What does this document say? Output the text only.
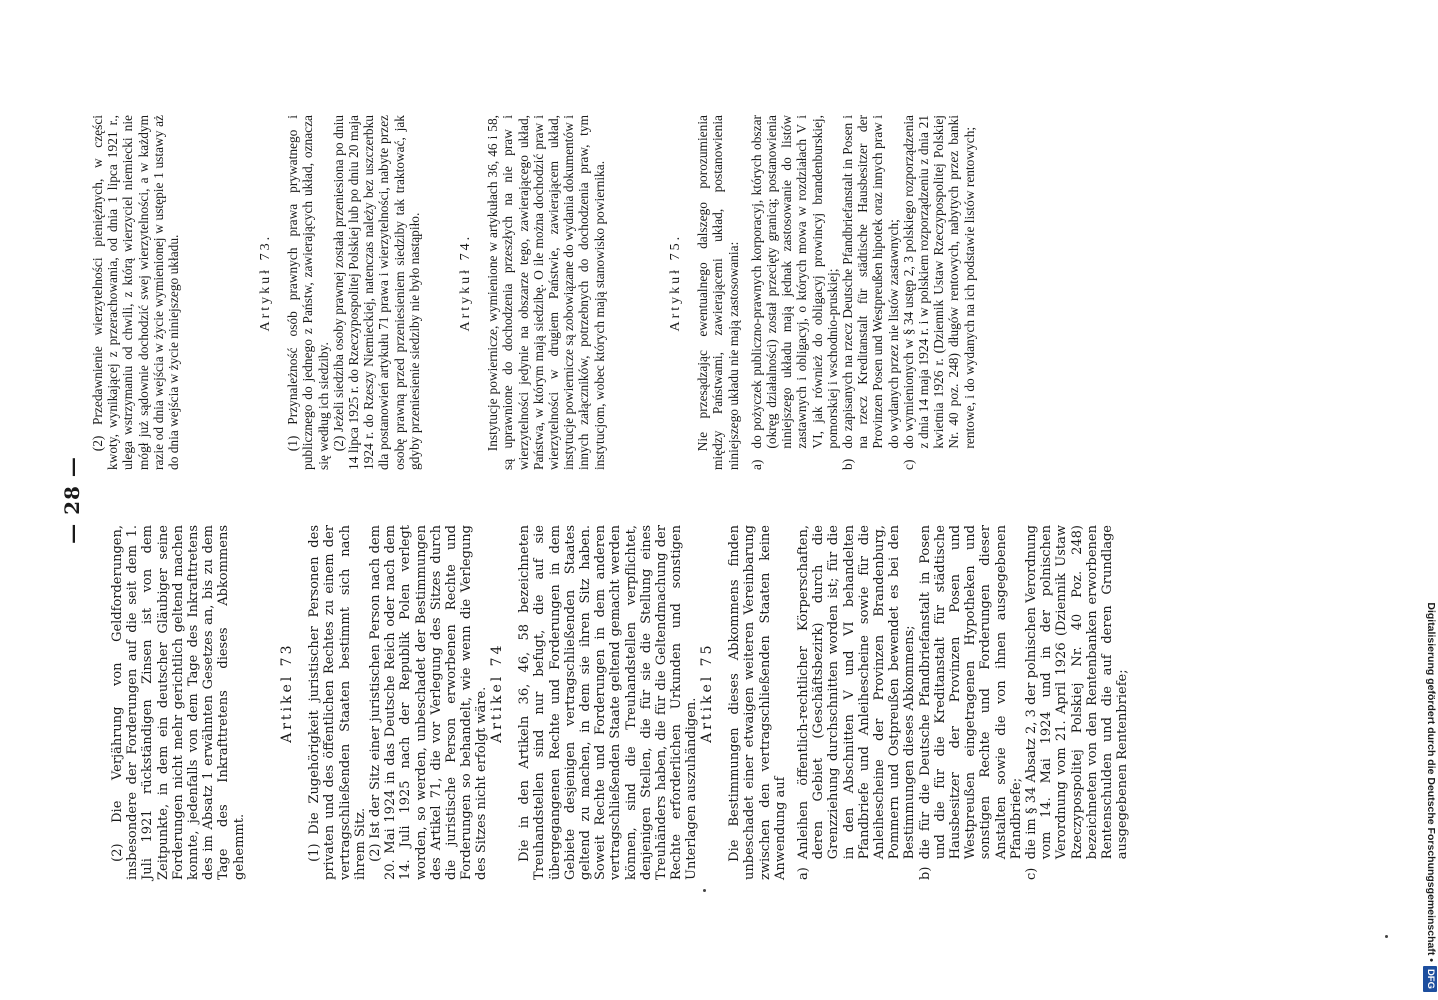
— 28 —

(2) Die Verjährung von Geldforderungen, insbesondere der Forderungen auf die seit dem 1. Juli 1921 rückständigen Zinsen ist von dem Zeitpunkte, in dem ein deutscher Gläubiger seine Forderungen nicht mehr gerichtlich geltend machen konnte, jedenfalls von dem Tage des Inkrafttretens des im Absatz 1 erwähnten Gesetzes an, bis zu dem Tage des Inkrafttretens dieses Abkommens gehemmt.

(2) Przedawnienie wierzytelności pieniężnych, w części kwoty, wynikającej z przerachowania, od dnia 1 lipca 1921 r., ulega wstrzymaniu od chwili, z którą wierzyciel niemiecki nie mógł już sądownie dochodzić swej wierzytelności, a w każdym razie od dnia wejścia w życie wymienionej w ustępie 1 ustawy aż do dnia wejścia w życie niniejszego układu.

Artikel 73 (1) Die Zugehörigkeit juristischer Personen des privaten und des öffentlichen Rechtes zu einem der vertragschließenden Staaten bestimmt sich nach ihrem Sitz. (2) Ist der Sitz einer juristischen Person nach dem 20. Mai 1924 in das Deutsche Reich oder nach dem 14. Juli 1925 nach der Republik Polen verlegt worden, so werden, unbeschadet der Bestimmungen des Artikel 71, die vor Verlegung des Sitzes durch die juristische Person erworbenen Rechte und Forderungen so behandelt, wie wenn die Verlegung des Sitzes nicht erfolgt wäre.

Artykuł 73. (1) Przynależność osób prawnych prawa prywatnego i publicznego do jednego z Państw, zawierających układ, oznacza się według ich siedziby. (2) Jeżeli siedziba osoby prawnej została przeniesiona po dniu 14 lipca 1925 r. do Rzeczypospolitej Polskiej lub po dniu 20 maja 1924 r. do Rzeszy Niemieckiej, natenczas należy bez uszczerbku dla postanowień artykułu 71 prawa i wierzytelności, nabyte przez osobę prawną przed przeniesieniem siedziby tak traktować, jak gdyby przeniesienie siedziby nie było nastąpiło.

Artikel 74 Die in den Artikeln 36, 46, 58 bezeichneten Treuhandstellen sind nur befugt, die auf sie übergegangenen Rechte und Forderungen in dem Gebiete desjenigen vertragschließenden Staates geltend zu machen, in dem sie ihren Sitz haben. Soweit Rechte und Forderungen in dem anderen vertragschließenden Staate geltend gemacht werden können, sind die Treuhandstellen verpflichtet, denjenigen Stellen, die für sie die Stellung eines Treuhänders haben, die für die Geltendmachung der Rechte erforderlichen Urkunden und sonstigen Unterlagen auszuhändigen.

Artykuł 74. Instytucje powiernicze, wymienione w artykułach 36, 46 i 58, są uprawnione do dochodzenia przeszłych na nie praw i wierzytelności jedynie na obszarze tego, zawierającego układ, Państwa, w którym mają siedzibę. O ile można dochodzić praw i wierzytelności w drugiem Państwie, zawierającem układ, instytucje powiernicze są zobowiązane do wydania dokumentów i innych załączników, potrzebnych do dochodzenia praw, tym instytucjom, wobec których mają stanowisko powiernika.

Artikel 75 Die Bestimmungen dieses Abkommens finden unbeschadet einer etwaigen weiteren Vereinbarung zwischen den vertragschließenden Staaten keine Anwendung auf a)
Anleihen öffentlich-rechtlicher Körperschaften, deren Gebiet (Geschäftsbezirk) durch die Grenzziehung durchschnitten worden ist; für die in den Abschnitten V und VI behandelten Pfandbriefe und Anleihescheine sowie für die Anleihescheine der Provinzen Brandenburg, Pommern und Ostpreußen bewendet es bei den Bestimmungen dieses Abkommens;

b)
die für die Deutsche Pfandbriefanstalt in Posen und die für die Kreditanstalt für städtische Hausbesitzer der Provinzen Posen und Westpreußen eingetragenen Hypotheken und sonstigen Rechte und Forderungen dieser Anstalten sowie die von ihnen ausgegebenen Pfandbriefe;

c)
die im § 34 Absatz 2, 3 der polnischen Verordnung vom 14. Mai 1924 und in der polnischen Verordnung vom 21. April 1926 (Dziennik Ustaw Rzeczypospolitej Polskiej Nr. 40 Poz. 248) bezeichneten von den Rentenbanken erworbenen Rentenschulden und die auf deren Grundlage ausgegebenen Rentenbriefe;

Artykuł 75. Nie przesądzając ewentualnego dalszego porozumienia między Państwami, zawierającemi układ, postanowienia niniejszego układu nie mają zastosowania: a)
do pożyczek publiczno-prawnych korporacyj, których obszar (okręg działalności) został przecięty granicą; postanowienia niniejszego układu mają jednak zastosowanie do listów zastawnych i obligacyj, o których mowa w rozdziałach V i VI, jak również do obligacyj prowincyj brandenburskiej, pomorskiej i wschodnio-pruskiej;

b)
do zapisanych na rzecz Deutsche Pfandbriefanstalt in Posen i na rzecz Kreditanstalt für städtische Hausbesitzer der Provinzen Posen und Westpreußen hipotek oraz innych praw i do wydanych przez nie listów zastawnych;

c)
do wymienionych w § 34 ustęp 2, 3 polskiego rozporządzenia z dnia 14 maja 1924 r. i w polskiem rozporządzeniu z dnia 21 kwietnia 1926 r. (Dziennik Ustaw Rzeczypospolitej Polskiej Nr. 40 poz. 248) długów rentowych, nabytych przez banki rentowe, i do wydanych na ich podstawie listów rentowych;

Digitalisierung gefördert durch die Deutsche Forschungsgemeinschaft •DFG
